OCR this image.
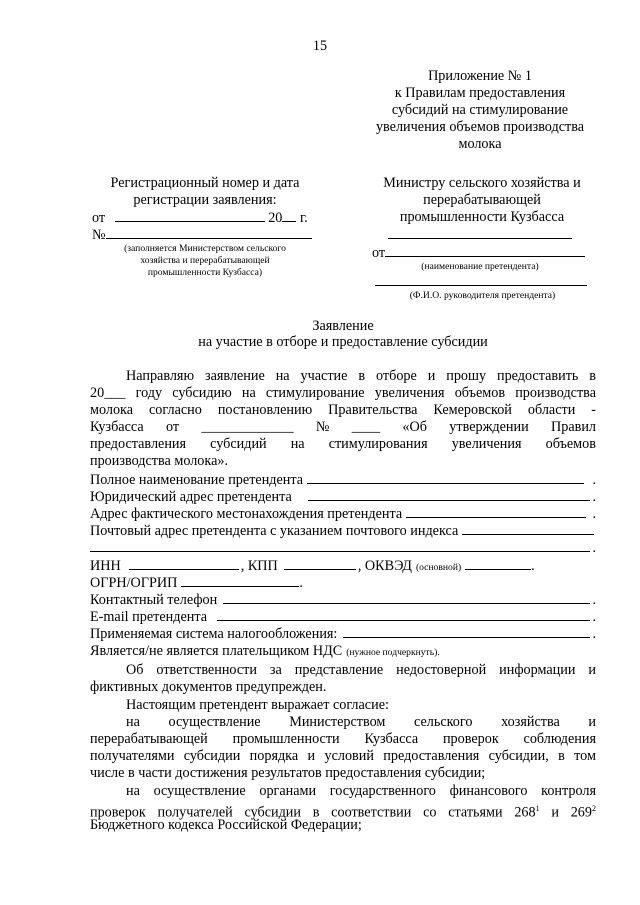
15
Приложение № 1
к Правилам предоставления
субсидий на стимулирование
увеличения объемов производства
молока
Регистрационный номер и дата
регистрации заявления:
от	20 г.
№
(заполняется Министерством сельского
хозяйства и перерабатывающей
промышленности Кузбасса)
Министру сельского хозяйства и
перерабатывающей
промышленности Кузбасса
от
(наименование претендента)
(Ф.И.О. руководителя претендента)
Заявление
на участие в отборе и предоставление субсидии
Направляю заявление на участие в отборе и прошу предоставить в
20___ году субсидию на стимулирование увеличения объемов производства
молока согласно постановлению Правительства Кемеровской области -
Кузбасса от _____________ № ____ «Об утверждении Правил
предоставления субсидий на стимулирования увеличения объемов
производства молока».
Полное наименование претендента	.
Юридический адрес претендента	.
Адрес фактического местонахождения претендента	.
Почтовый адрес претендента с указанием почтового индекса
.
ИНН	, КПП	, ОКВЭД (основной)	.
ОГРН/ОГРИП	.
Контактный телефон	.
E-mail претендента	.
Применяемая система налогообложения:	.
Является/не является плательщиком НДС (нужное подчеркнуть).
Об ответственности за представление недостоверной информации и
фиктивных документов предупрежден.
Настоящим претендент выражает согласие:
на осуществление Министерством сельского хозяйства и
перерабатывающей промышленности Кузбасса проверок соблюдения
получателями субсидии порядка и условий предоставления субсидии, в том
числе в части достижения результатов предоставления субсидии;
на осуществление органами государственного финансового контроля
проверок получателей субсидии в соответствии со статьями $268^1$ и $269^2$
Бюджетного кодекса Российской Федерации;
